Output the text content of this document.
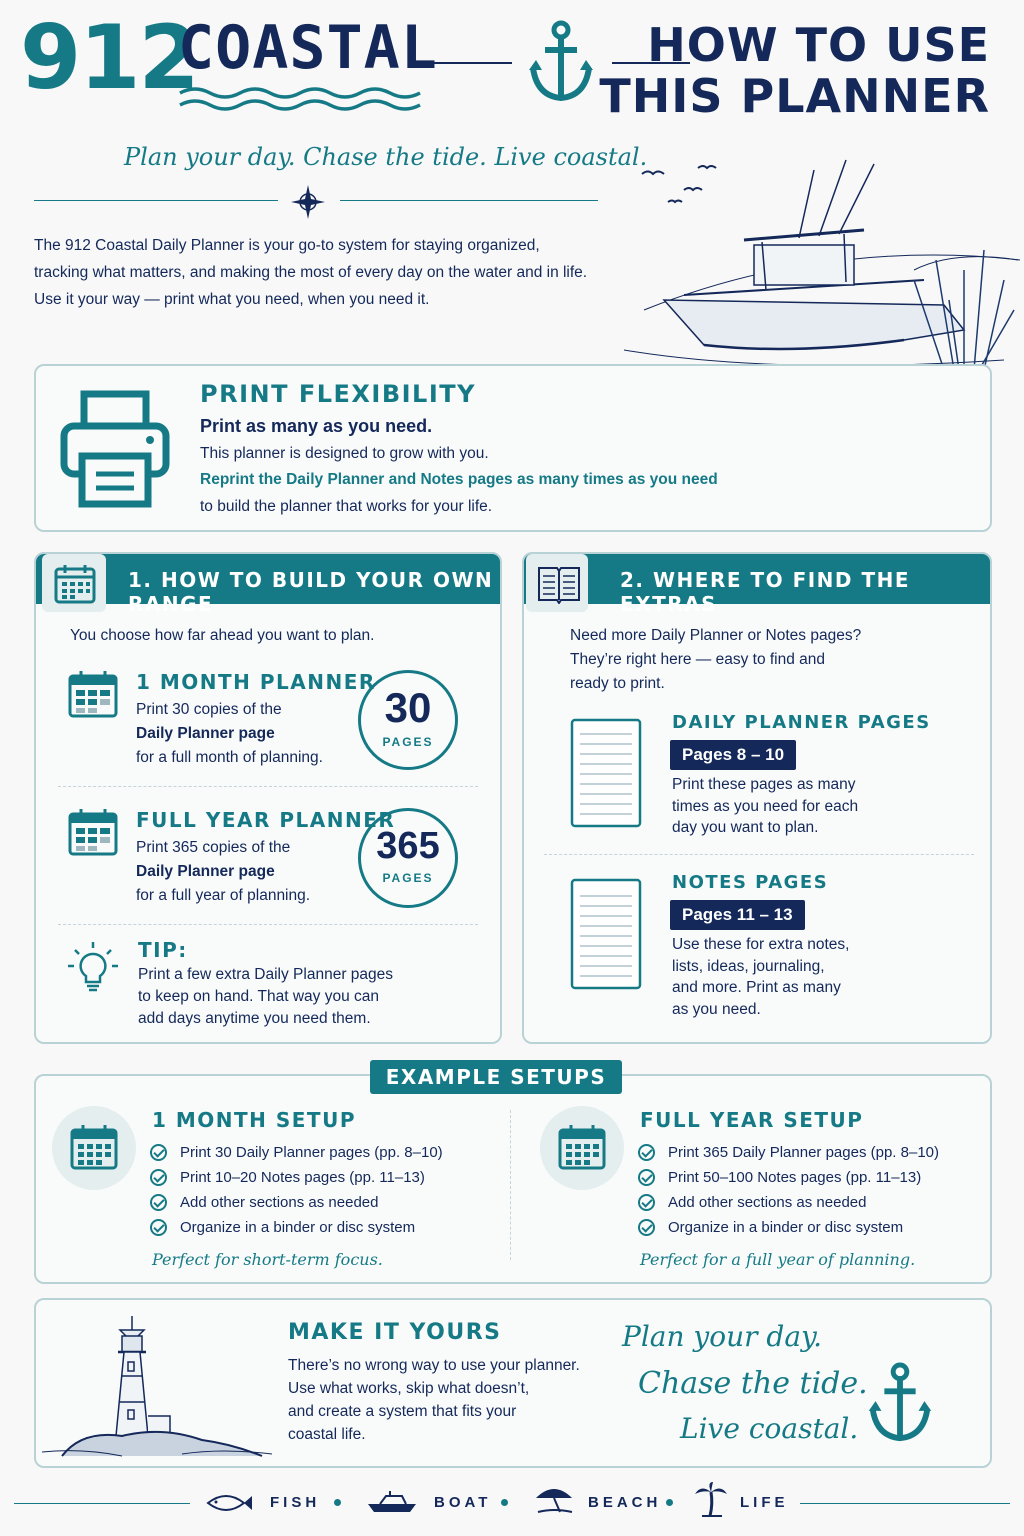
912
COASTAL	HOW TO USE
THIS PLANNER
Plan your day. Chase the tide. Live coastal.
The 912 Coastal Daily Planner is your go-to system for staying organized,
tracking what matters, and making the most of every day on the water and in life.
Use it your way — print what you need, when you need it.
PRINT FLEXIBILITY
Print as many as you need.
This planner is designed to grow with you.
Reprint the Daily Planner and Notes pages as many times as you need
to build the planner that works for your life.
1. HOW TO BUILD YOUR OWN RANGE
You choose how far ahead you want to plan.
1 MONTH PLANNER
Print 30 copies of the
Daily Planner page
for a full month of planning.
30
PAGES
FULL YEAR PLANNER
Print 365 copies of the
Daily Planner page
for a full year of planning.
365
PAGES
TIP:
Print a few extra Daily Planner pages
to keep on hand. That way you can
add days anytime you need them.
2. WHERE TO FIND THE EXTRAS
Need more Daily Planner or Notes pages?
They’re right here — easy to find and
ready to print.
DAILY PLANNER PAGES
Pages 8 – 10
Print these pages as many
times as you need for each
day you want to plan.
NOTES PAGES
Pages 11 – 13
Use these for extra notes,
lists, ideas, journaling,
and more. Print as many
as you need.
1 MONTH SETUP
Print 30 Daily Planner pages (pp. 8–10)
Print 10–20 Notes pages (pp. 11–13)
Add other sections as needed
Organize in a binder or disc system
Perfect for short-term focus.
FULL YEAR SETUP
Print 365 Daily Planner pages (pp. 8–10)
Print 50–100 Notes pages (pp. 11–13)
Add other sections as needed
Organize in a binder or disc system
Perfect for a full year of planning.
EXAMPLE SETUPS
MAKE IT YOURS
There’s no wrong way to use your planner.
Use what works, skip what doesn’t,
and create a system that fits your
coastal life.
Plan your day.
Chase the tide.
Live coastal.
FISH	BOAT	BEACH	LIFE
